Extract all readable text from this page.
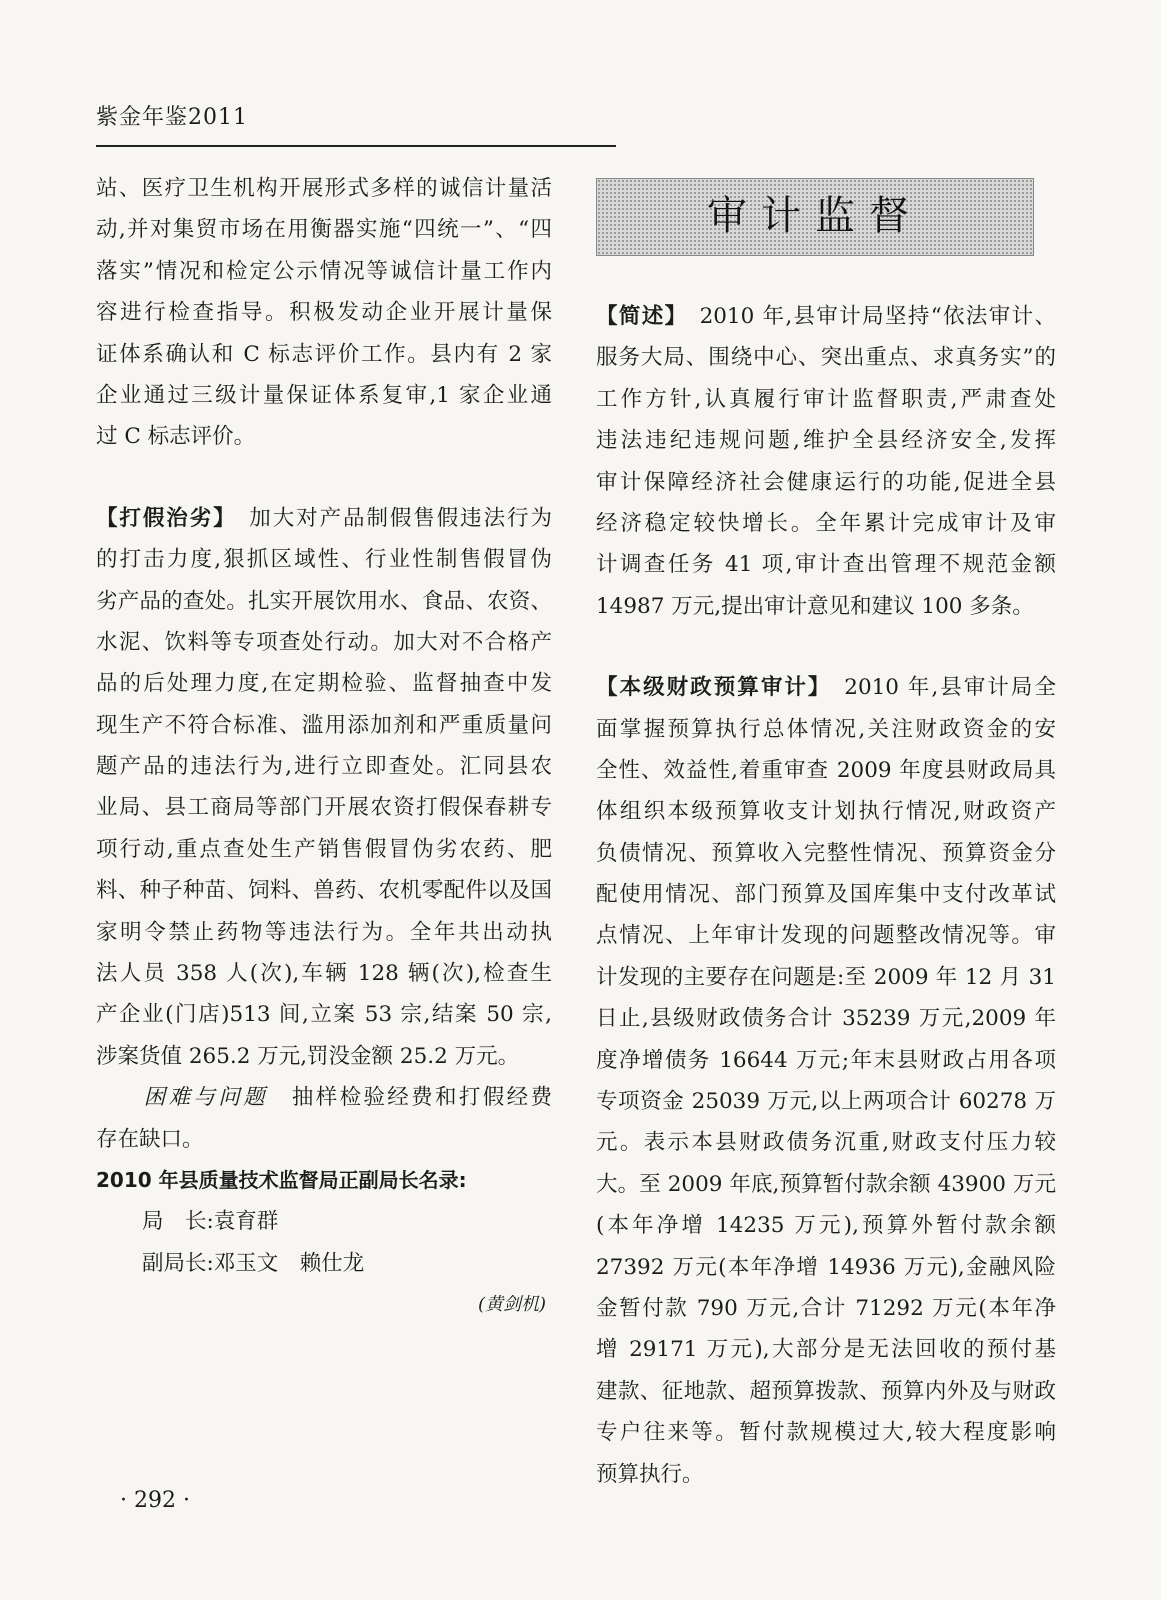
紫金年鉴2011
站、医疗卫生机构开展形式多样的诚信计量活
动,并对集贸市场在用衡器实施“四统一”、“四
落实”情况和检定公示情况等诚信计量工作内
容进行检查指导。积极发动企业开展计量保
证体系确认和 C 标志评价工作。县内有 2 家
企业通过三级计量保证体系复审,1 家企业通
过 C 标志评价。
【打假治劣】　 加大对产品制假售假违法行为
的打击力度,狠抓区域性、行业性制售假冒伪
劣产品的查处。扎实开展饮用水、食品、农资、
水泥、饮料等专项查处行动。加大对不合格产
品的后处理力度,在定期检验、监督抽查中发
现生产不符合标准、滥用添加剂和严重质量问
题产品的违法行为,进行立即查处。汇同县农
业局、县工商局等部门开展农资打假保春耕专
项行动,重点查处生产销售假冒伪劣农药、肥
料、种子种苗、饲料、兽药、农机零配件以及国
家明令禁止药物等违法行为。全年共出动执
法人员 358 人(次),车辆 128 辆(次),检查生
产企业(门店)513 间,立案 53 宗,结案 50 宗,
涉案货值 265.2 万元,罚没金额 25.2 万元。
　　困难与问题　 抽样检验经费和打假经费
存在缺口。
2010 年县质量技术监督局正副局长名录:
局　长:袁育群
副局长:邓玉文　赖仕龙
(黄剑机)
审计监督
【简述】　 2010 年,县审计局坚持“依法审计、
服务大局、围绕中心、突出重点、求真务实”的
工作方针,认真履行审计监督职责,严肃查处
违法违纪违规问题,维护全县经济安全,发挥
审计保障经济社会健康运行的功能,促进全县
经济稳定较快增长。全年累计完成审计及审
计调查任务 41 项,审计查出管理不规范金额
14987 万元,提出审计意见和建议 100 多条。
【本级财政预算审计】　 2010 年,县审计局全
面掌握预算执行总体情况,关注财政资金的安
全性、效益性,着重审查 2009 年度县财政局具
体组织本级预算收支计划执行情况,财政资产
负债情况、预算收入完整性情况、预算资金分
配使用情况、部门预算及国库集中支付改革试
点情况、上年审计发现的问题整改情况等。审
计发现的主要存在问题是:至 2009 年 12 月 31
日止,县级财政债务合计 35239 万元,2009 年
度净增债务 16644 万元;年末县财政占用各项
专项资金 25039 万元,以上两项合计 60278 万
元。表示本县财政债务沉重,财政支付压力较
大。至 2009 年底,预算暂付款余额 43900 万元
(本年净增 14235 万元),预算外暂付款余额
27392 万元(本年净增 14936 万元),金融风险
金暂付款 790 万元,合计 71292 万元(本年净
增 29171 万元),大部分是无法回收的预付基
建款、征地款、超预算拨款、预算内外及与财政
专户往来等。暂付款规模过大,较大程度影响
预算执行。
· 292 ·
